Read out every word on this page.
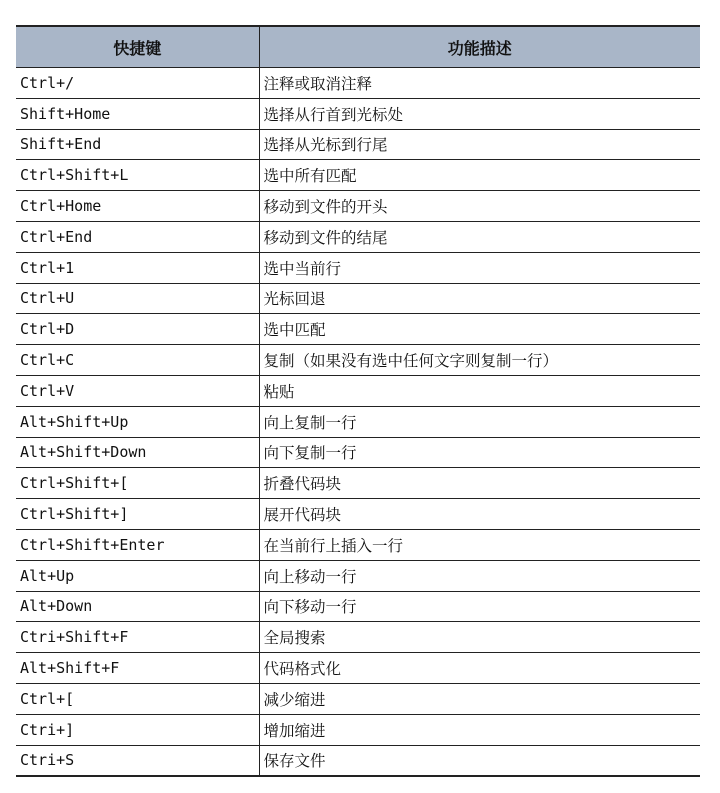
快捷键	功能描述
Ctrl+/	注释或取消注释
Shift+Home	选择从行首到光标处
Shift+End	选择从光标到行尾
Ctrl+Shift+L	选中所有匹配
Ctrl+Home	移动到文件的开头
Ctrl+End	移动到文件的结尾
Ctrl+1	选中当前行
Ctrl+U	光标回退
Ctrl+D	选中匹配
Ctrl+C	复制（如果没有选中任何文字则复制一行）
Ctrl+V	粘贴
Alt+Shift+Up	向上复制一行
Alt+Shift+Down	向下复制一行
Ctrl+Shift+[	折叠代码块
Ctrl+Shift+]	展开代码块
Ctrl+Shift+Enter	在当前行上插入一行
Alt+Up	向上移动一行
Alt+Down	向下移动一行
Ctri+Shift+F	全局搜索
Alt+Shift+F	代码格式化
Ctrl+[	减少缩进
Ctri+]	增加缩进
Ctri+S	保存文件
